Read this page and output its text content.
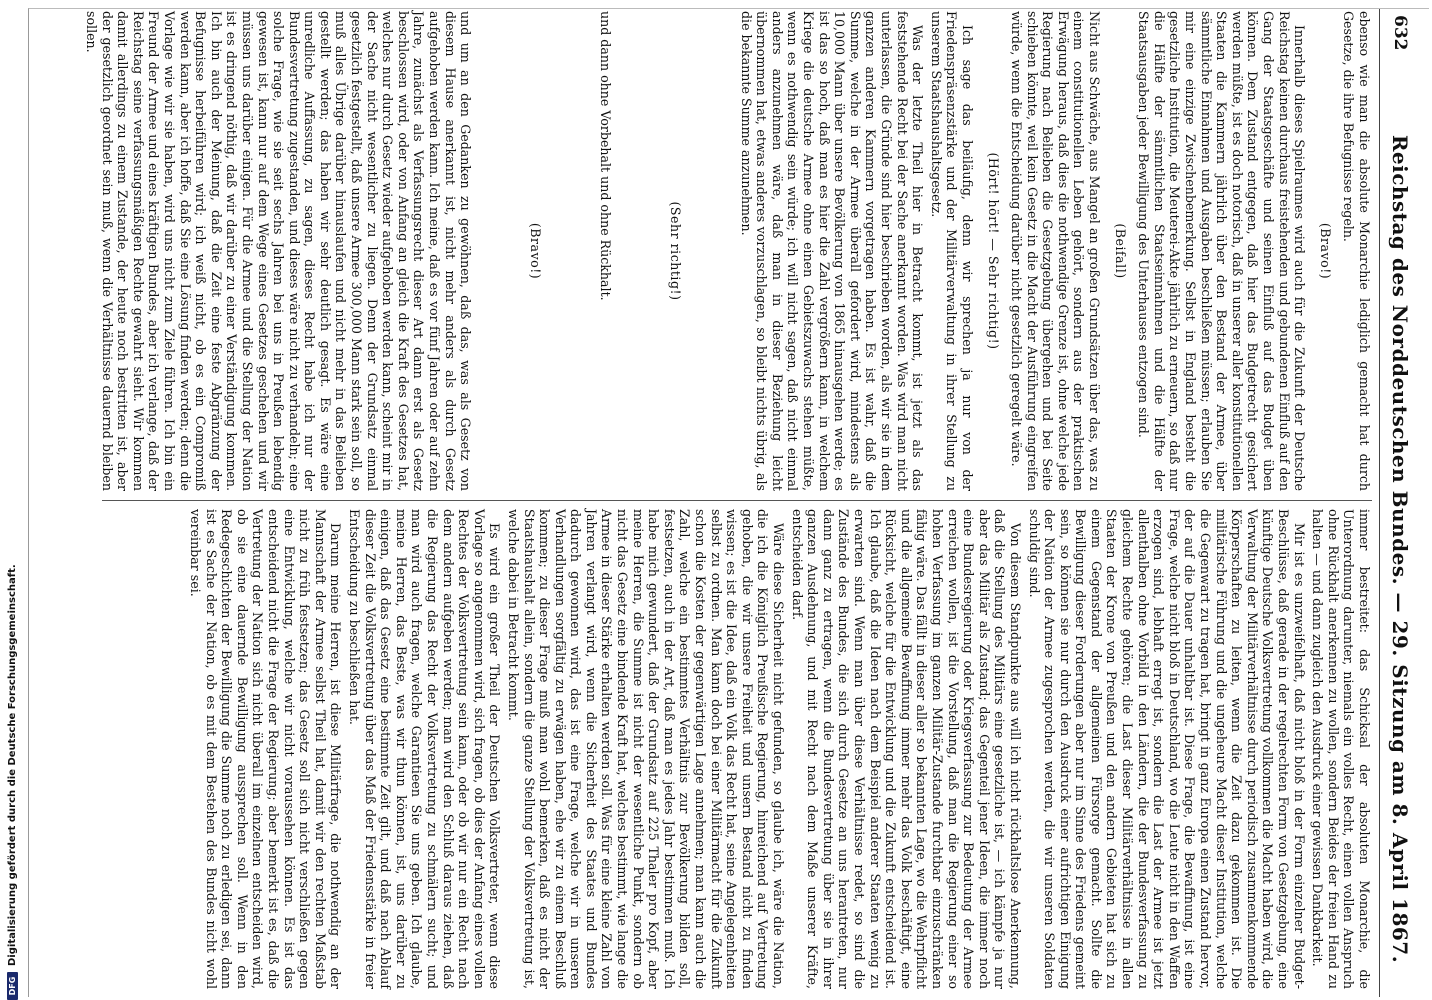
DFG
Digitalisierung gefördert durch die Deutsche Forschungsgemeinschaft.
632
Reichstag des Norddeutschen Bundes. — 29. Sitzung am 8. April 1867.

ebenso wie man die absolute Monarchie lediglich gemacht hat durch Gesetze, die ihre Befugnisse regeln.

(Bravo!)

Innerhalb dieses Spielraumes wird auch für die Zukunft der Deutsche Reichstag keinen durchaus freistehenden und gebundenen Einfluß auf den Gang der Staatsgeschäfte und seinen Einfluß auf das Budget üben können. Dem Zustand entgegen, daß hier das Budgetrecht gesichert werden müßte, ist es doch notorisch, daß in unserer aller konstitutionellen Staaten die Kammern jährlich über den Bestand der Armee, über sämmtliche Einnahmen und Ausgaben beschließen müssen; erlauben Sie mir eine einzige Zwischenbemerkung. Selbst in England besteht die gesetzliche Institution, die Meuterei-Akte jährlich zu erneuern, so daß nur die Hälfte der sämmtlichen Staatseinnahmen und die Hälfte der Staatsausgaben jeder Bewilligung des Unterhauses entzogen sind.

(Beifall)

Nicht aus Schwäche, aus Mangel an großen Grundsätzen über das, was zu einem constitutionellen Leben gehört, sondern aus der praktischen Erwägung heraus, daß dies die nothwendige Grenze ist, ohne welche jede Regierung nach Belieben die Gesetzgebung übergehen und bei Seite schieben könnte, weil kein Gesetz in die Macht der Ausführung eingreifen würde, wenn die Entscheidung darüber nicht gesetzlich geregelt wäre.

(Hört! hört! — Sehr richtig!)

Ich sage das beiläufig, denn wir sprechen ja nur von der Friedenspräsenzstärke und der Militärverwaltung in ihrer Stellung zu unserem Staatshaushaltsgesetz.

Was der letzte Theil hier in Betracht kommt, ist jetzt als das feststehende Recht bei der Sache anerkannt worden. Was wird man nicht unterlassen, die Gründe sind hier beschrieben worden, als wir sie in dem ganzen anderen Kammern vorgetragen haben. Es ist wahr, daß die Summe, welche in der Armee überall gefordert wird, mindestens als 10,000 Mann über unsere Bevölkerung von 1865 hinausgehen werde; es ist das so hoch, daß man es hier die Zahl vergrößern kann, in welchem Kriege die deutsche Armee ohne einen Gebietszuwachs stehen müßte, wenn es nothwendig sein würde; ich will nicht sagen, daß nicht einmal anders anzunehmen wäre, daß man in dieser Beziehung leicht übernommen hat, etwas anderes vorzuschlagen, so bleibt nichts übrig, als die bekannte Summe anzunehmen.

(Sehr richtig!)

und dann ohne Vorbehalt und ohne Rückhalt.

(Bravo!)

und um an den Gedanken zu gewöhnen, daß das, was als Gesetz von diesem Hause anerkannt ist, nicht mehr anders als durch Gesetz aufgehoben werden kann. Ich meine, daß es vor fünf Jahren oder auf zehn Jahre, zunächst als Verfassungsrecht dieser Art dann erst als Gesetz beschlossen wird, oder von Anfang an gleich die Kraft des Gesetzes hat, welches nur durch Gesetz wieder aufgehoben werden kann, scheint mir in der Sache nicht wesentlicher zu liegen. Denn der Grundsatz einmal gesetzlich festgestellt, daß unsere Armee 300,000 Mann stark sein soll, so muß alles Übrige darüber hinauslaufen und nicht mehr in das Belieben gestellt werden; das haben wir sehr deutlich gesagt. Es wäre eine unredliche Auffassung, zu sagen, dieses Recht habe ich nur der Bundesvertretung zugestanden, und dieses wäre nicht zu verhandeln; eine solche Frage, wie sie seit sechs Jahren bei uns in Preußen lebendig gewesen ist, kann nur auf dem Wege eines Gesetzes geschehen und wir müssen uns darüber einigen. Für die Armee und die Stellung der Nation ist es dringend nöthig, daß wir darüber zu einer Verständigung kommen. Ich bin auch der Meinung, daß die Zeit eine feste Abgränzung der Befugnisse herbeiführen wird; ich weiß nicht, ob es ein Compromiß werden kann, aber ich hoffe, daß Sie eine Lösung finden werden; denn die Vorlage wie wir sie haben, wird uns nicht zum Ziele führen. Ich bin ein Freund der Armee und eines kräftigen Bundes, aber ich verlange, daß der Reichstag seine verfassungsmäßigen Rechte gewahrt sieht. Wir kommen damit allerdings zu einem Zustande, der heute noch bestritten ist, aber der gesetzlich geordnet sein muß, wenn die Verhältnisse dauernd bleiben sollen.

immer bestreitet: das Schicksal der absoluten Monarchie, die Unterordnung darunter, niemals ein volles Recht, einen vollen Anspruch ohne Rückhalt anerkennen zu wollen, sondern Beides der freien Hand zu halten — und dann zugleich den Ausdruck einer gewissen Dankbarkeit.

Mir ist es unzweifelhaft, daß nicht bloß in der Form einzelner Budget-Beschlüsse, daß gerade in der regelrechten Form von Gesetzgebung, eine künftige Deutsche Volksvertretung vollkommen die Macht haben wird, die Verwaltung der Militärverhältnisse durch periodisch zusammenkommende Körperschaften zu leiten, wenn die Zeit dazu gekommen ist. Die militärische Führung und die ungeheure Macht dieser Institution, welche die Gegenwart zu tragen hat, bringt in ganz Europa einen Zustand hervor, der auf die Dauer unhaltbar ist. Diese Frage, die Bewaffnung, ist eine Frage, welche nicht bloß in Deutschland, wo die Leute nicht in den Waffen erzogen sind, lebhaft erregt ist, sondern die Last der Armee ist jetzt allenthalben ohne Vorbild in den Ländern, die der Bundesverfassung zu gleichem Rechte gehören; die Last dieser Militärverhältnisse in allen Staaten der Krone von Preußen und den andern Gebieten hat sich zu einem Gegenstand der allgemeinen Fürsorge gemacht. Sollte die Bewilligung dieser Forderungen aber nur im Sinne des Friedens gemeint sein, so können sie nur durch den Ausdruck einer aufrichtigen Einigung der Nation der Armee zugesprochen werden, die wir unseren Soldaten schuldig sind.

Von diesem Standpunkte aus will ich nicht rückhaltslose Anerkennung, daß die Stellung des Militärs eine gesetzliche ist, — ich kämpfe ja nur aber das Militär als Zustand; das Gegenteil jener Ideen, die immer noch eine Bundesregierung oder Kriegsverfassung zur Bedeutung der Armee erreichen wollen, ist die Vorstellung, daß man die Regierung einer so hohen Verfassung im ganzen Militär-Zustande furchtbar einzuschränken fähig wäre. Das fällt in dieser aller so bekannten Lage, wo die Wehrpflicht und die allgemeine Bewaffnung immer mehr das Volk beschäftigt, eine Rücksicht, welche für die Entwicklung und die Zukunft entscheidend ist. Ich glaube, daß die Ideen nach dem Beispiel anderer Staaten wenig zu erwarten sind. Wenn man über diese Verhältnisse redet, so sind die Zustände des Bundes, die sich durch Gesetze an uns herantreten, nur dann ganz zu ertragen, wenn die Bundesvertretung über sie in ihrer ganzen Ausdehnung, und mit Recht nach dem Maße unserer Kräfte, entscheiden darf.

Wäre diese Sicherheit nicht gefunden, so glaube ich, wäre die Nation, die ich die Königlich Preußische Regierung, hinreichend auf Vertretung gehoben, die wir unsere Freiheit und unsern Bestand nicht zu finden wissen; es ist die Idee, daß ein Volk das Recht hat, seine Angelegenheiten selbst zu ordnen. Man kann doch bei einer Militärmacht für die Zukunft schon die Kosten der gegenwärtigen Lage annehmen; man kann auch die Zahl, welche ein bestimmtes Verhältnis zur Bevölkerung bilden soll, festsetzen, auch in der Art, daß man es jedes Jahr bestimmen muß. Ich habe mich gewundert, daß der Grundsatz auf 225 Thaler pro Kopf, aber meine Herren, die Summe ist nicht der wesentliche Punkt, sondern ob nicht das Gesetz eine bindende Kraft hat, welches bestimmt, wie lange die Armee in dieser Stärke erhalten werden soll. Was für eine kleine Zahl von Jahren verlangt wird, wenn die Sicherheit des Staates und Bundes dadurch gewonnen wird, das ist eine Frage, welche wir in unseren Verhandlungen sorgfältig zu erwägen haben, ehe wir zu einem Beschluß kommen; zu dieser Frage muß man wohl bemerken, daß es nicht der Staatshaushalt allein, sondern die ganze Stellung der Volksvertretung ist, welche dabei in Betracht kommt.

Es wird ein großer Theil der Deutschen Volksvertreter, wenn diese Vorlage so angenommen wird, sich fragen, ob dies der Anfang eines vollen Rechtes der Volksvertretung sein kann, oder ob wir nur ein Recht nach dem andern aufgeben werden; man wird den Schluß daraus ziehen, daß die Regierung das Recht der Volksvertretung zu schmälern sucht; und man wird auch fragen, welche Garantieen Sie uns geben. Ich glaube, meine Herren, das Beste, was wir thun können, ist, uns darüber zu einigen, daß das Gesetz eine bestimmte Zeit gilt, und daß nach Ablauf dieser Zeit die Volksvertretung über das Maß der Friedensstärke in freier Entscheidung zu beschließen hat.

Darum meine Herren, ist diese Militärfrage, die nothwendig an der Mannschaft der Armee selbst Theil hat, damit wir den rechten Maßstab nicht zu früh festsetzen; das Gesetz soll sich nicht verschließen gegen eine Entwicklung, welche wir nicht voraussehen können. Es ist das entscheidend nicht die Frage der Regierung; aber bemerkt ist es, daß die Vertretung der Nation sich nicht überall im einzelnen entscheiden wird, ob sie eine dauernde Bewilligung aussprechen soll. Wenn in den Redegeschichten der Bewilligung die Summe noch zu erledigen sei, dann ist es Sache der Nation, ob es mit dem Bestehen des Bundes nicht wohl vereinbar sei.
